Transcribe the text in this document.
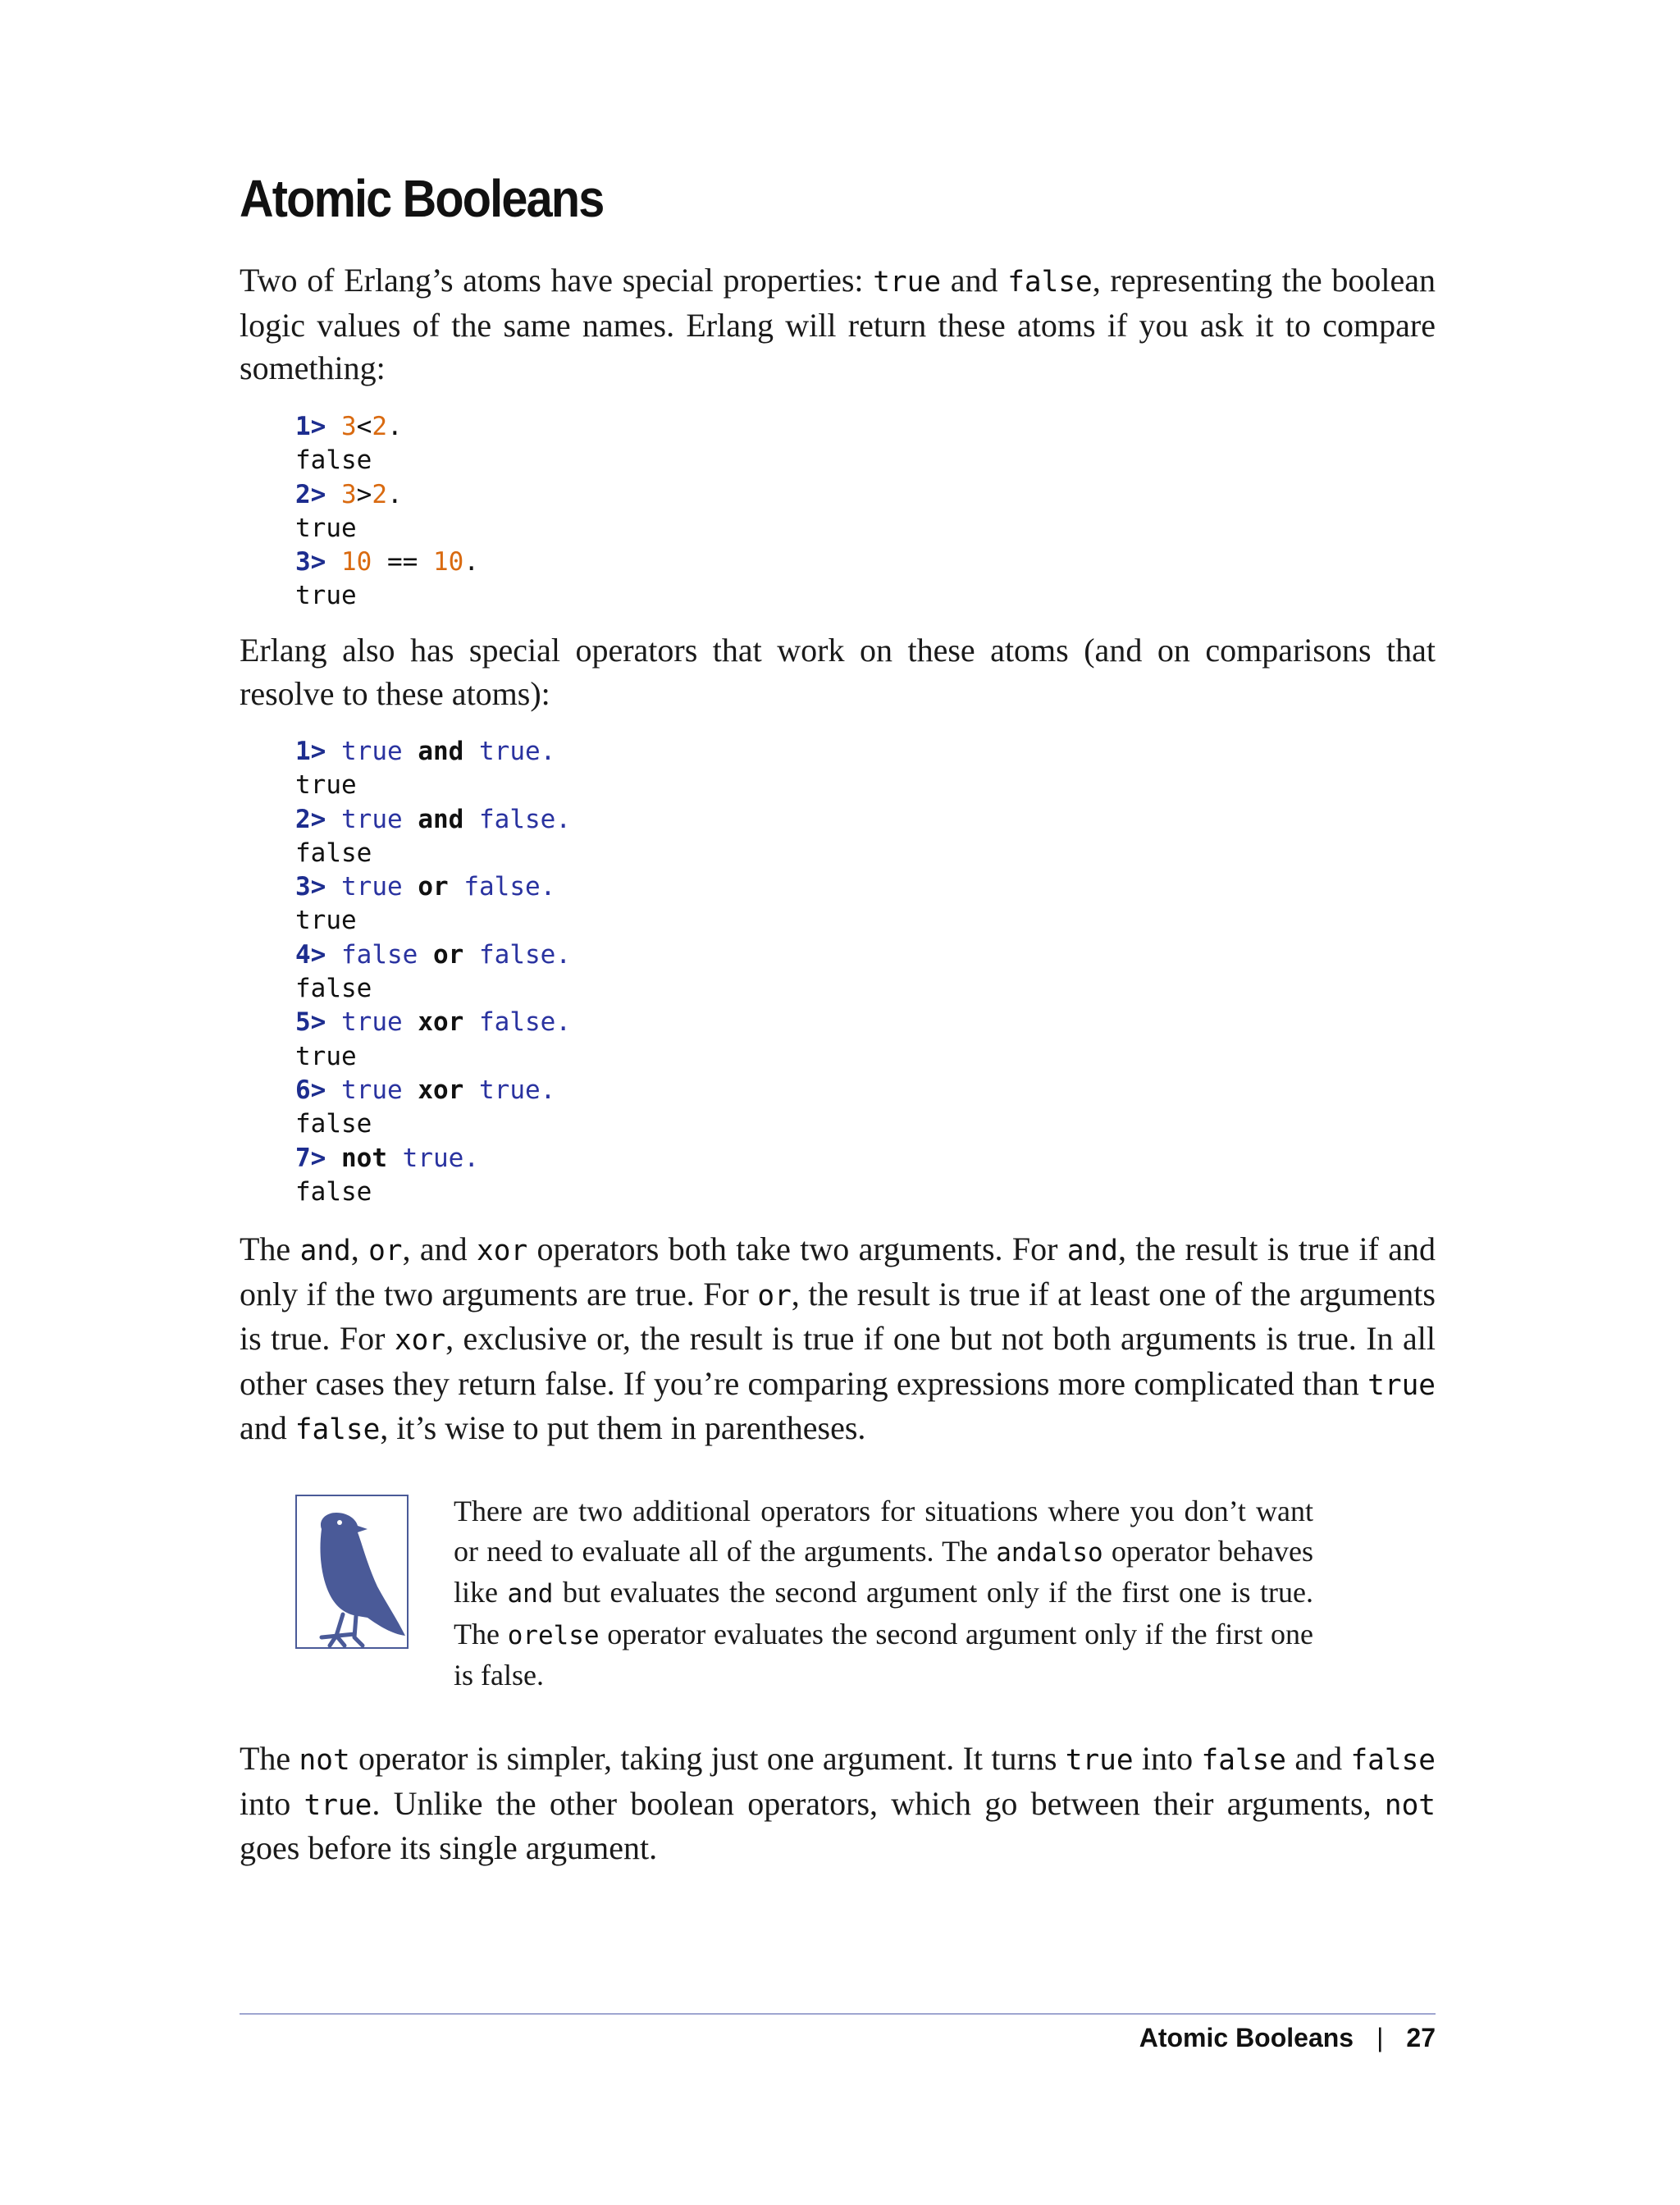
Atomic Booleans

Two of Erlang’s atoms have special properties: true and false, representing the boolean logic values of the same names. Erlang will return these atoms if you ask it to compare something:

1> 3<2.
false
2> 3>2.
true
3> 10 == 10.
true

Erlang also has special operators that work on these atoms (and on comparisons that resolve to these atoms):

1> true and true.
true
2> true and false.
false
3> true or false.
true
4> false or false.
false
5> true xor false.
true
6> true xor true.
false
7> not true.
false

The and, or, and xor operators both take two arguments. For and, the result is true if and only if the two arguments are true. For or, the result is true if at least one of the arguments is true. For xor, exclusive or, the result is true if one but not both arguments is true. In all other cases they return false. If you’re comparing expressions more complicated than true and false, it’s wise to put them in parentheses.

There are two additional operators for situations where you don’t want or need to evaluate all of the arguments. The andalso operator behaves like and but evaluates the second argument only if the first one is true. The orelse operator evaluates the second argument only if the first one is false.

The not operator is simpler, taking just one argument. It turns true into false and false into true. Unlike the other boolean operators, which go between their arguments, not goes before its single argument.

Atomic Booleans | 27
